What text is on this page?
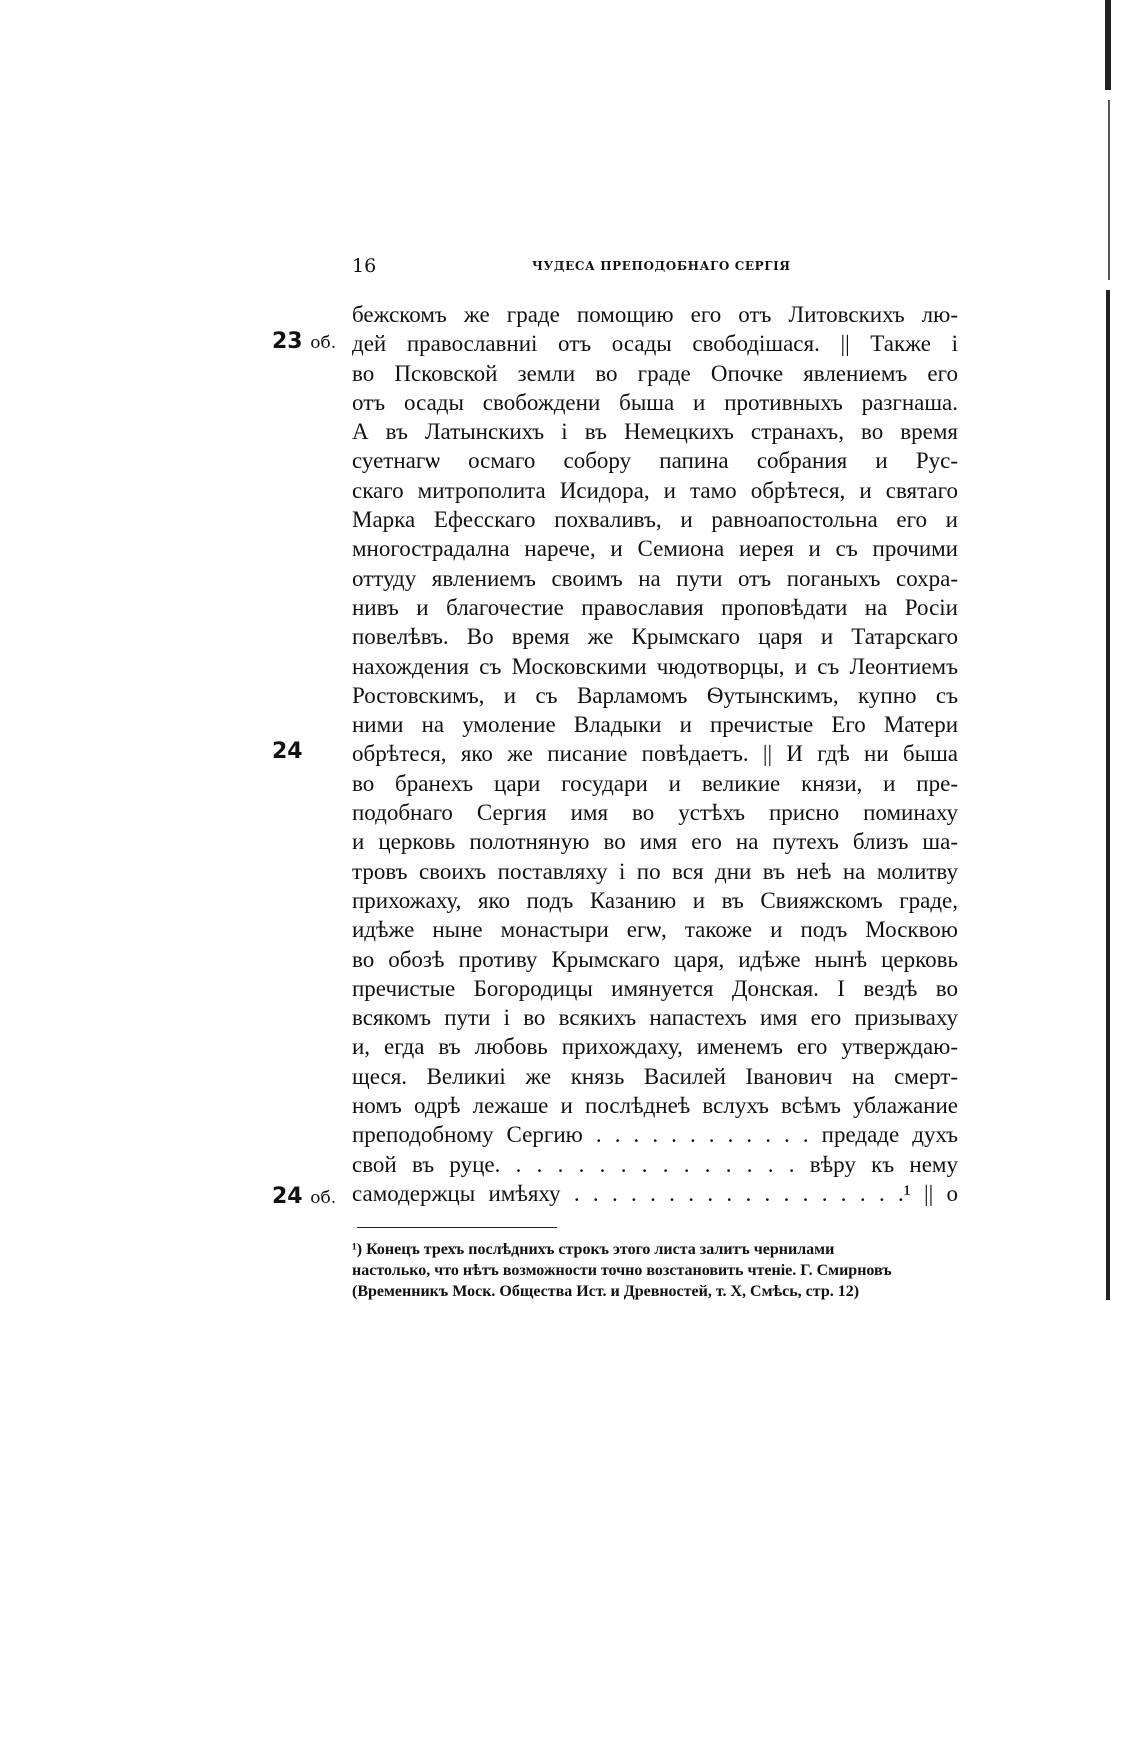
16	ЧУДЕСА ПРЕПОДОБНАГО СЕРГІЯ
23 об.
24
24 об.
бежскомъ же граде помощию его отъ Литовскихъ лю-
дей православниі отъ осады свободішася. || Также і
во Псковской земли во граде Опочке явлениемъ его
отъ осады свобождени быша и противныхъ разгнаша.
А въ Латынскихъ і въ Немецкихъ странахъ, во время
суетнагѡ осмаго собору папина собрания и Рус-
скаго митрополита Исидора, и тамо обрѣтеся, и святаго
Марка Ефесскаго похваливъ, и равноапостольна его и
многострадална нарече, и Семиона иерея и съ прочими
оттуду явлениемъ своимъ на пути отъ поганыхъ сохра-
нивъ и благочестие православия проповѣдати на Росіи
повелѣвъ. Во время же Крымскаго царя и Татарскаго
нахождения съ Московскими чюдотворцы, и съ Леонтиемъ
Ростовскимъ, и съ Варламомъ Ѳутынскимъ, купно съ
ними на умоление Владыки и пречистые Его Матери
обрѣтеся, яко же писание повѣдаетъ. || И гдѣ ни быша
во бранехъ цари государи и великие князи, и пре-
подобнаго Сергия имя во устѣхъ присно поминаху
и церковь полотняную во имя его на путехъ близъ ша-
тровъ своихъ поставляху і по вся дни въ неѣ на молитву
прихожаху, яко подъ Казанию и въ Свияжскомъ граде,
идѣже ныне монастыри егѡ, такоже и подъ Москвою
во обозѣ противу Крымскаго царя, идѣже нынѣ церковь
пречистые Богородицы имянуется Донская. І вездѣ во
всякомъ пути і во всякихъ напастехъ имя его призываху
и, егда въ любовь прихождаху, именемъ его утверждаю-
щеся. Великиі же князь Василей Іванович на смерт-
номъ одрѣ лежаше и послѣднеѣ вслухъ всѣмъ ублажание
преподобному Сергию . . . . . . . . . . . . предаде духъ
свой въ руце. . . . . . . . . . . . . . . вѣру къ нему
самодержцы имѣяху . . . . . . . . . . . . . . . . . .¹ || о
¹) Конецъ трехъ послѣднихъ строкъ этого листа залитъ чернилами
настолько, что нѣтъ возможности точно возстановить чтеніе. Г. Смирновъ
(Временникъ Моск. Общества Ист. и Древностей, т. X, Смѣсь, стр. 12)
